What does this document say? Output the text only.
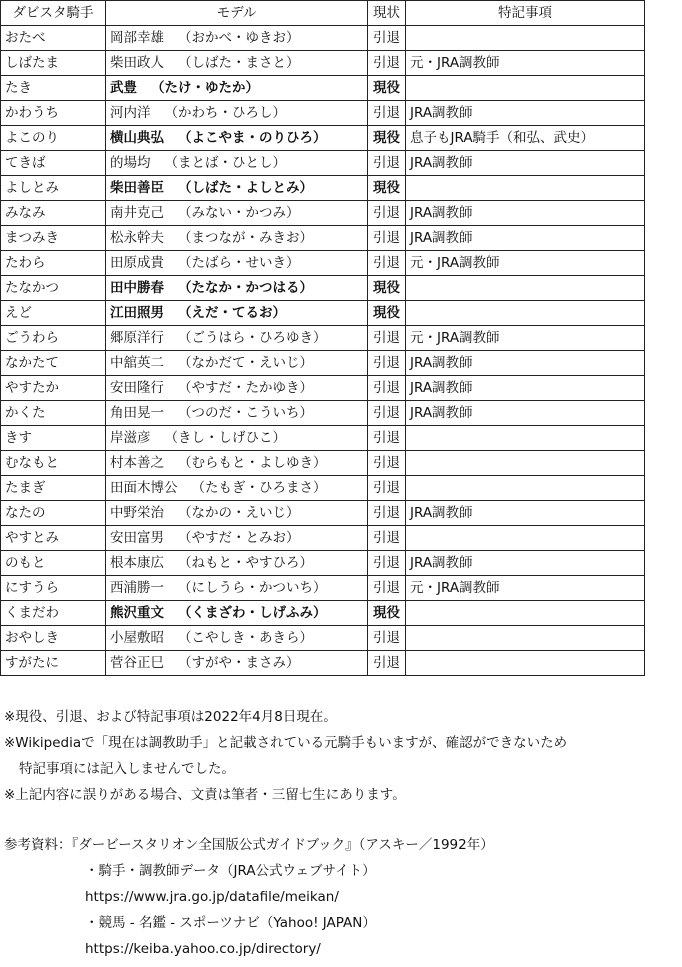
ダビスタ騎手	モデル	現状	特記事項
おたべ	岡部幸雄 （おかべ・ゆきお）	引退	
しばたま	柴田政人 （しばた・まさと）	引退	元・JRA調教師
たき	武豊 （たけ・ゆたか）	現役	
かわうち	河内洋 （かわち・ひろし）	引退	JRA調教師
よこのり	横山典弘 （よこやま・のりひろ）	現役	息子もJRA騎手（和弘、武史）
てきば	的場均 （まとば・ひとし）	引退	JRA調教師
よしとみ	柴田善臣 （しばた・よしとみ）	現役	
みなみ	南井克己 （みない・かつみ）	引退	JRA調教師
まつみき	松永幹夫 （まつなが・みきお）	引退	JRA調教師
たわら	田原成貴 （たばら・せいき）	引退	元・JRA調教師
たなかつ	田中勝春 （たなか・かつはる）	現役	
えど	江田照男 （えだ・てるお）	現役	
ごうわら	郷原洋行 （ごうはら・ひろゆき）	引退	元・JRA調教師
なかたて	中舘英二 （なかだて・えいじ）	引退	JRA調教師
やすたか	安田隆行 （やすだ・たかゆき）	引退	JRA調教師
かくた	角田晃一 （つのだ・こういち）	引退	JRA調教師
きす	岸滋彦 （きし・しげひこ）	引退	
むなもと	村本善之 （むらもと・よしゆき）	引退	
たまぎ	田面木博公 （たもぎ・ひろまさ）	引退	
なたの	中野栄治 （なかの・えいじ）	引退	JRA調教師
やすとみ	安田富男 （やすだ・とみお）	引退	
のもと	根本康広 （ねもと・やすひろ）	引退	JRA調教師
にすうら	西浦勝一 （にしうら・かついち）	引退	元・JRA調教師
くまだわ	熊沢重文 （くまざわ・しげふみ）	現役	
おやしき	小屋敷昭 （こやしき・あきら）	引退	
すがたに	菅谷正巳 （すがや・まさみ）	引退	
※現役、引退、および特記事項は2022年4月8日現在。
※Wikipediaで「現在は調教助手」と記載されている元騎手もいますが、確認ができないため
特記事項には記入しませんでした。
※上記内容に誤りがある場合、文責は筆者・三留七生にあります。
参考資料：『ダービースタリオン全国版公式ガイドブック』（アスキー／1992年）
・騎手・調教師データ（JRA公式ウェブサイト）
https://www.jra.go.jp/datafile/meikan/
・競馬 - 名鑑 - スポーツナビ（Yahoo! JAPAN）
https://keiba.yahoo.co.jp/directory/
